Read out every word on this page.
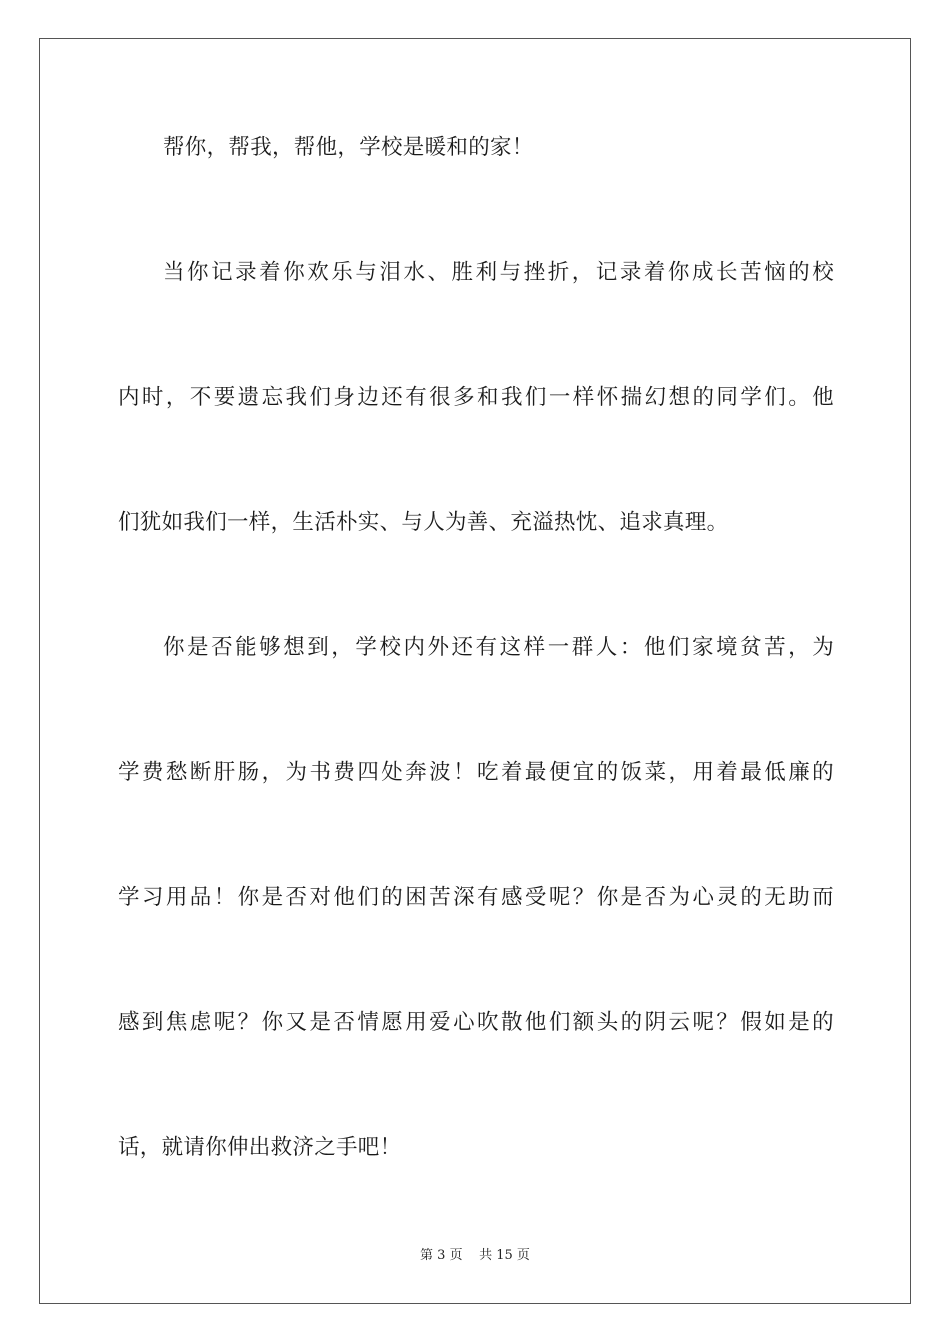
帮你，帮我，帮他，学校是暖和的家！
当你记录着你欢乐与泪水、胜利与挫折，记录着你成长苦恼的校
内时，不要遗忘我们身边还有很多和我们一样怀揣幻想的同学们。他
们犹如我们一样，生活朴实、与人为善、充溢热忱、追求真理。
你是否能够想到，学校内外还有这样一群人：他们家境贫苦，为
学费愁断肝肠，为书费四处奔波！吃着最便宜的饭菜，用着最低廉的
学习用品！你是否对他们的困苦深有感受呢？你是否为心灵的无助而
感到焦虑呢？你又是否情愿用爱心吹散他们额头的阴云呢？假如是的
话，就请你伸出救济之手吧！
第 3 页 共 15 页
